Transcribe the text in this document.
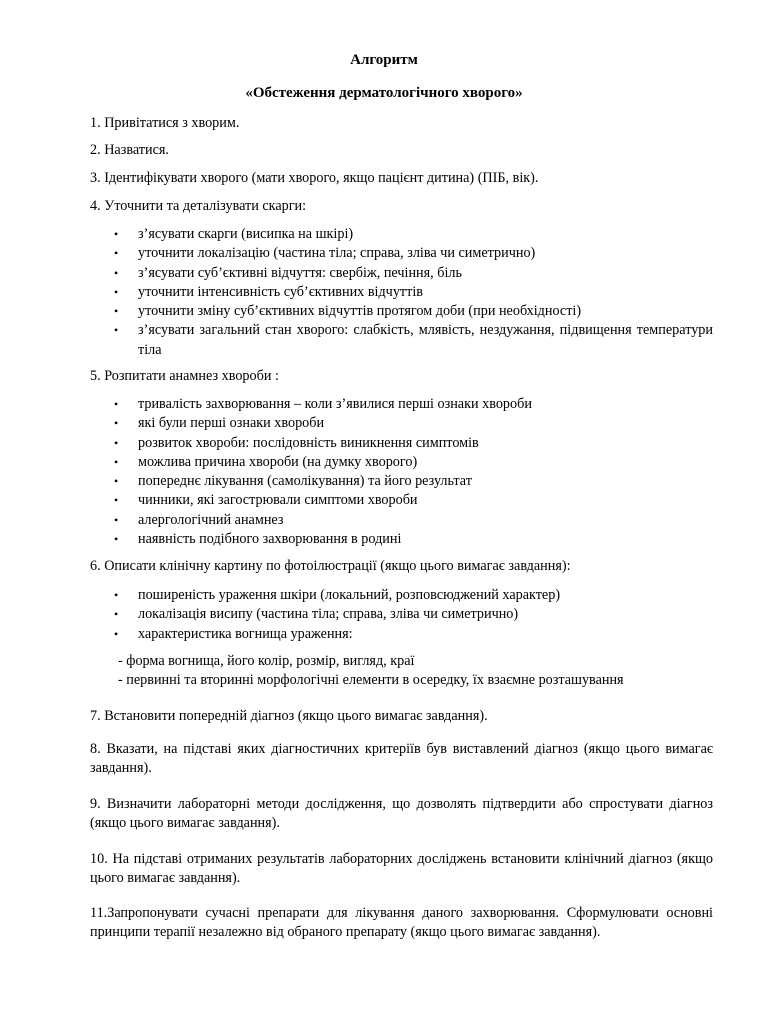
Алгоритм
«Обстеження дерматологічного хворого»

1. Привітатися з хворим.

2. Назватися.

3. Ідентифікувати хворого (мати хворого, якщо пацієнт дитина) (ПІБ, вік).

4. Уточнити та деталізувати скарги:

• з’ясувати скарги (висипка на шкірі)
• уточнити локалізацію (частина тіла; справа, зліва чи симетрично)
• з’ясувати суб’єктивні відчуття: свербіж, печіння, біль
• уточнити інтенсивність суб’єктивних відчуттів
• уточнити зміну суб’єктивних відчуттів протягом доби (при необхідності)
• з’ясувати загальний стан хворого: слабкість, млявість, нездужання, підвищення температури тіла

5. Розпитати анамнез хвороби :

• тривалість захворювання – коли з’явилися перші ознаки хвороби
• які були перші ознаки хвороби
• розвиток хвороби: послідовність виникнення симптомів
• можлива причина хвороби (на думку хворого)
• попереднє лікування (самолікування) та його результат
• чинники, які загострювали симптоми хвороби
• алергологічний анамнез
• наявність подібного захворювання в родині

6. Описати клінічну картину по фотоілюстрації (якщо цього вимагає завдання):

• поширеність ураження шкіри (локальний, розповсюджений характер)
• локалізація висипу (частина тіла; справа, зліва чи симетрично)
• характеристика вогнища ураження:

- форма вогнища, його колір, розмір, вигляд, краї

- первинні та вторинні морфологічні елементи в осередку, їх взаємне розташування

7. Встановити попередній діагноз (якщо цього вимагає завдання).

8. Вказати, на підставі яких діагностичних критеріїв був виставлений діагноз (якщо цього вимагає завдання).

9. Визначити лабораторні методи дослідження, що дозволять підтвердити або спростувати діагноз (якщо цього вимагає завдання).

10. На підставі отриманих результатів лабораторних досліджень встановити клінічний діагноз (якщо цього вимагає завдання).

11.Запропонувати сучасні препарати для лікування даного захворювання. Сформулювати основні принципи терапії незалежно від обраного препарату (якщо цього вимагає завдання).
